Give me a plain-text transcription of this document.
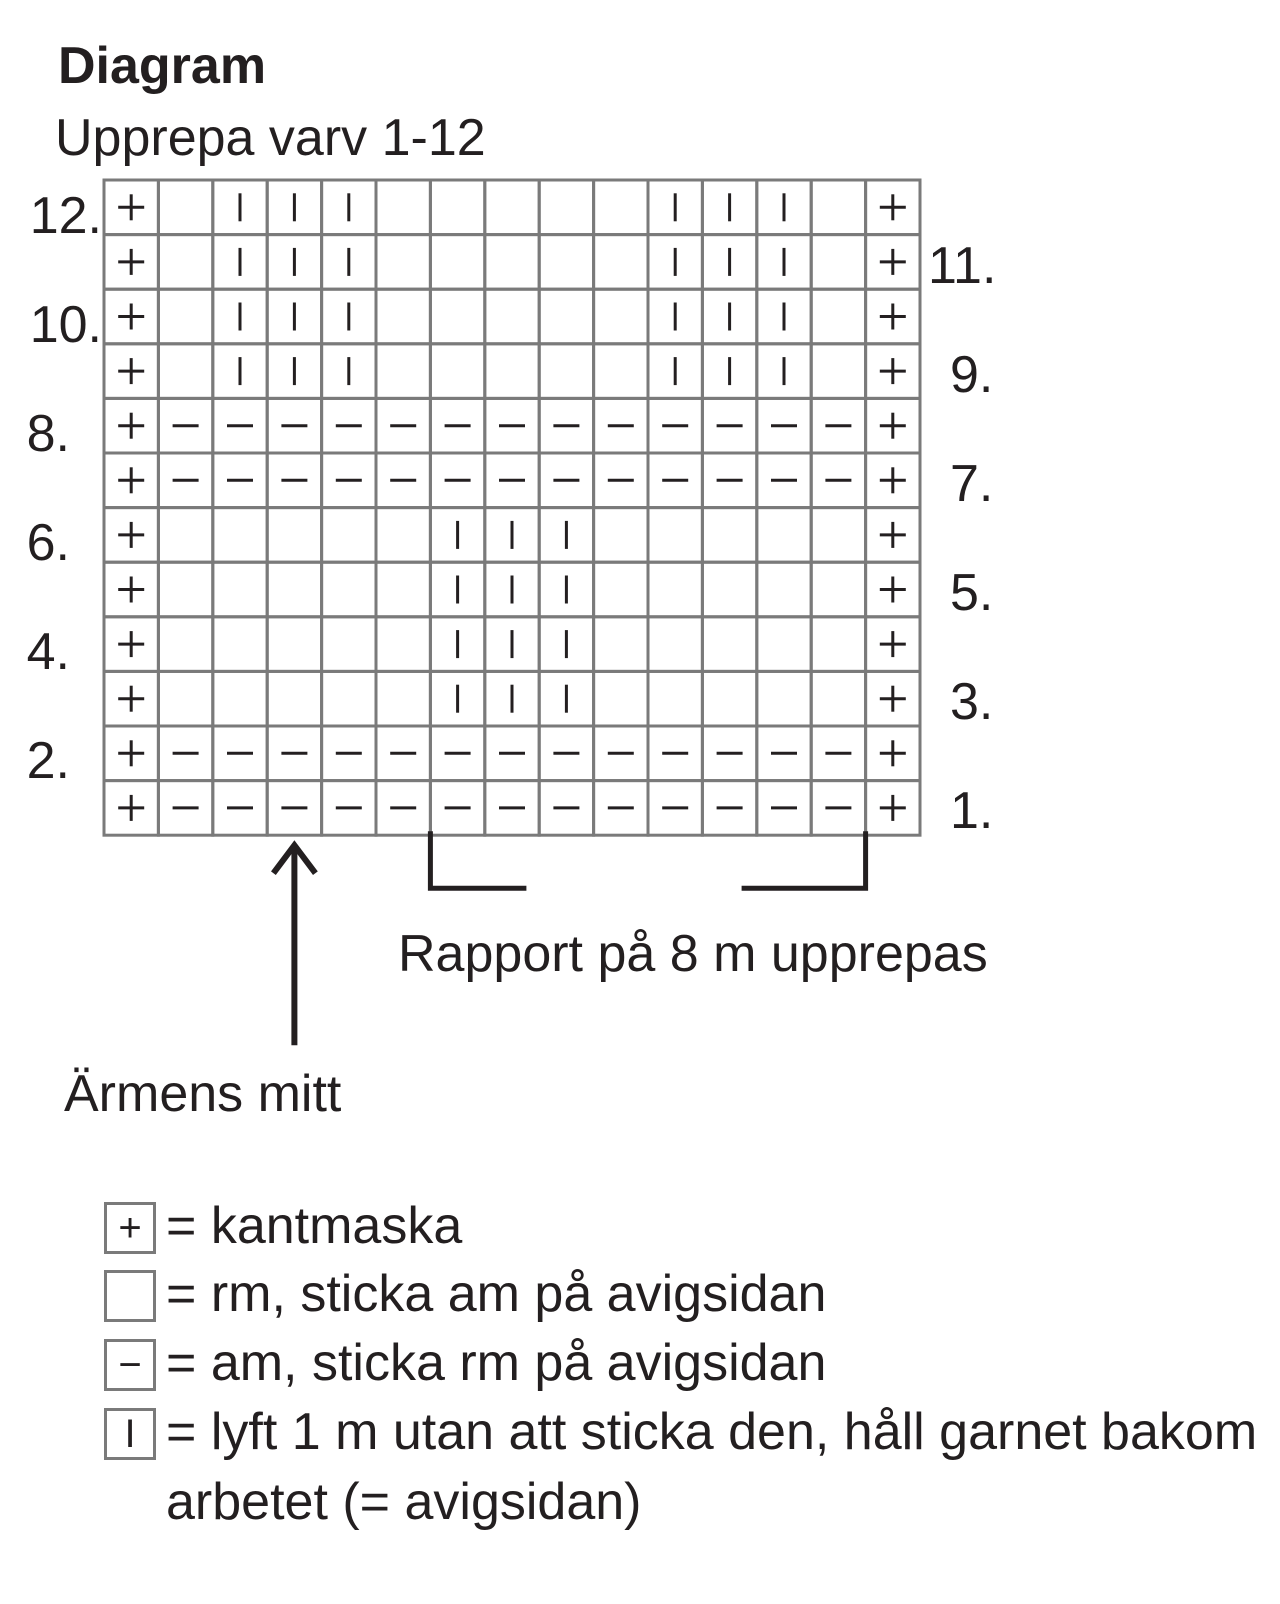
Diagram
Upprepa varv 1-12
12.
10.
8.
6.
4.
2.
11.
9.
7.
5.
3.
1.
Rapport på 8 m upprepas
Ärmens mitt
+ = kantmaska
= rm, sticka am på avigsidan
− = am, sticka rm på avigsidan
I = lyft 1 m utan att sticka den, håll garnet bakom
arbetet (= avigsidan)
